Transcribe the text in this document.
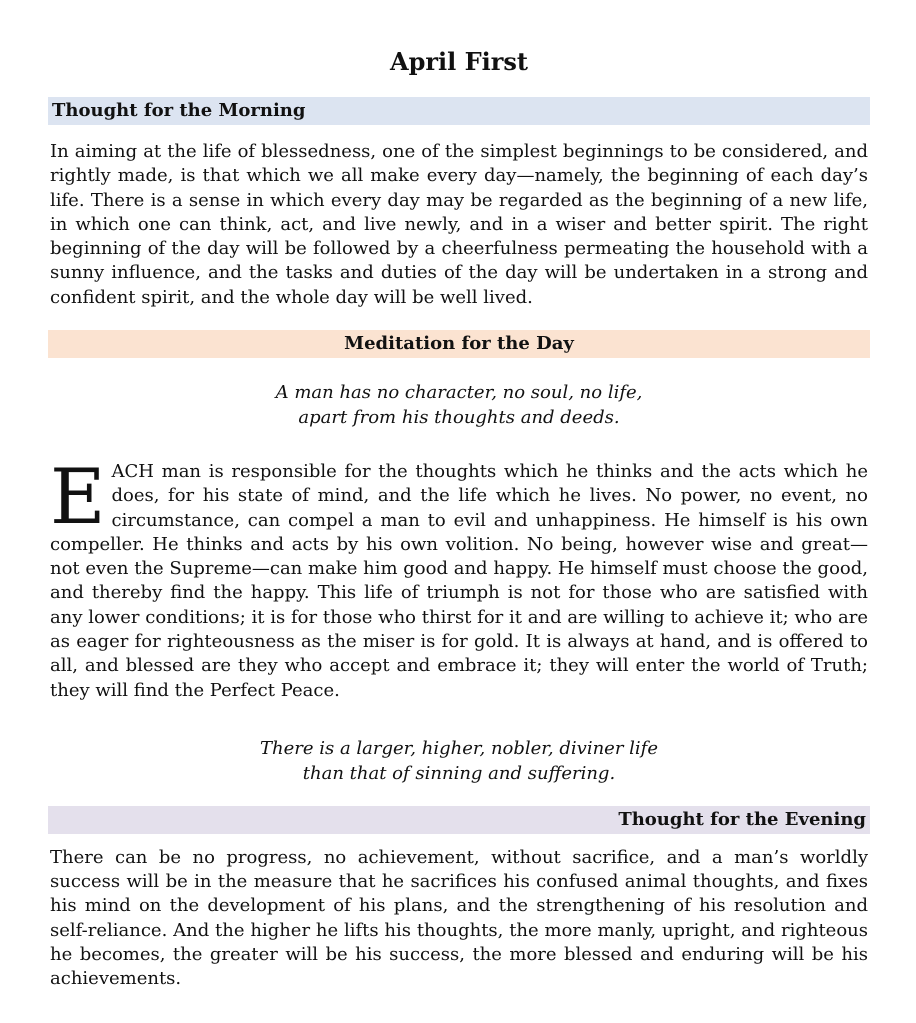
April First
Thought for the Morning

In aiming at the life of blessedness, one of the simplest beginnings to be considered, and rightly made, is that which we all make every day—namely, the beginning of each day’s life. There is a sense in which every day may be regarded as the beginning of a new life, in which one can think, act, and live newly, and in a wiser and better spirit. The right beginning of the day will be followed by a cheerfulness permeating the household with a sunny influence, and the tasks and duties of the day will be undertaken in a strong and confident spirit, and the whole day will be well lived.

Meditation for the Day

A man has no character, no soul, no life,
apart from his thoughts and deeds.

EACH man is responsible for the thoughts which he thinks and the acts which he does, for his state of mind, and the life which he lives. No power, no event, no circumstance, can compel a man to evil and unhappiness. He himself is his own compeller. He thinks and acts by his own volition. No being, however wise and great—not even the Supreme—can make him good and happy. He himself must choose the good, and thereby find the happy. This life of triumph is not for those who are satisfied with any lower conditions; it is for those who thirst for it and are willing to achieve it; who are as eager for righteousness as the miser is for gold. It is always at hand, and is offered to all, and blessed are they who accept and embrace it; they will enter the world of Truth; they will find the Perfect Peace.

There is a larger, higher, nobler, diviner life
than that of sinning and suffering.

Thought for the Evening

There can be no progress, no achievement, without sacrifice, and a man’s worldly success will be in the measure that he sacrifices his confused animal thoughts, and fixes his mind on the development of his plans, and the strengthening of his resolution and self-reliance. And the higher he lifts his thoughts, the more manly, upright, and righteous he becomes, the greater will be his success, the more blessed and enduring will be his achievements.
